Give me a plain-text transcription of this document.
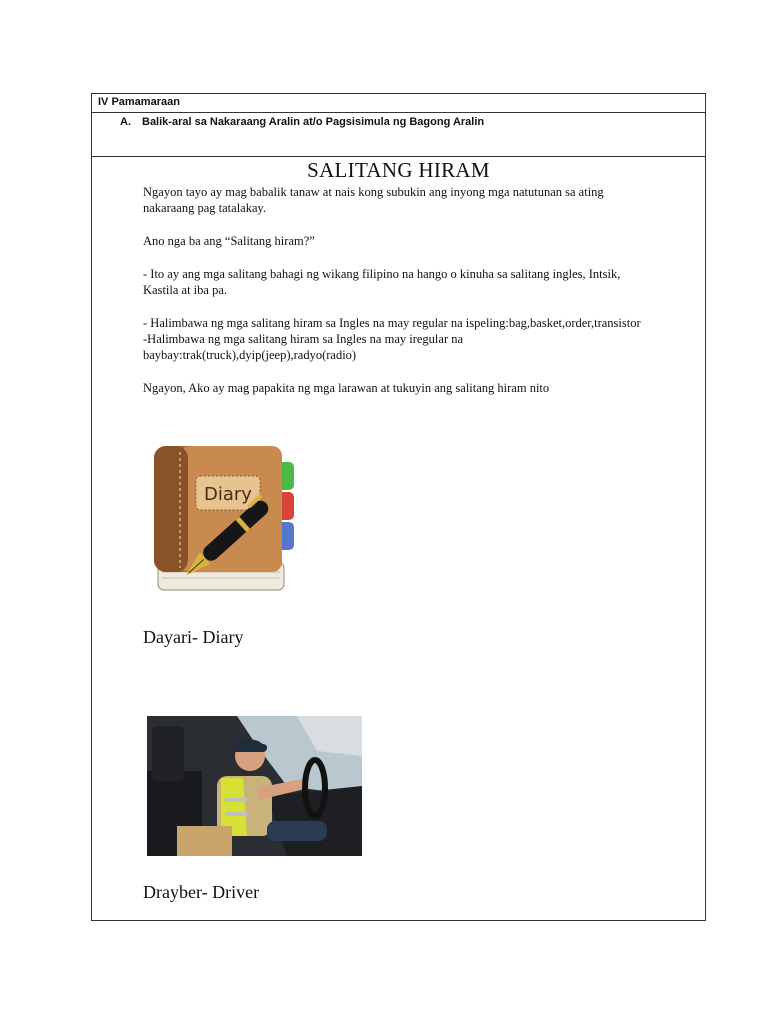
IV Pamamaraan
A. Balik-aral sa Nakaraang Aralin at/o Pagsisimula ng Bagong Aralin
SALITANG HIRAM
Ngayon tayo ay mag babalik tanaw at nais kong subukin ang inyong mga natutunan sa ating
nakaraang pag tatalakay.
Ano nga ba ang “Salitang hiram?”
- Ito ay ang mga salitang bahagi ng wikang filipino na hango o kinuha sa salitang ingles, Intsik,
Kastila at iba pa.
- Halimbawa ng mga salitang hiram sa Ingles na may regular na ispeling:bag,basket,order,transistor
-Halimbawa ng mga salitang hiram sa Ingles na may iregular na
baybay:trak(truck),dyip(jeep),radyo(radio)
Ngayon, Ako ay mag papakita ng mga larawan at tukuyin ang salitang hiram nito
Diary
Dayari- Diary
Drayber- Driver
